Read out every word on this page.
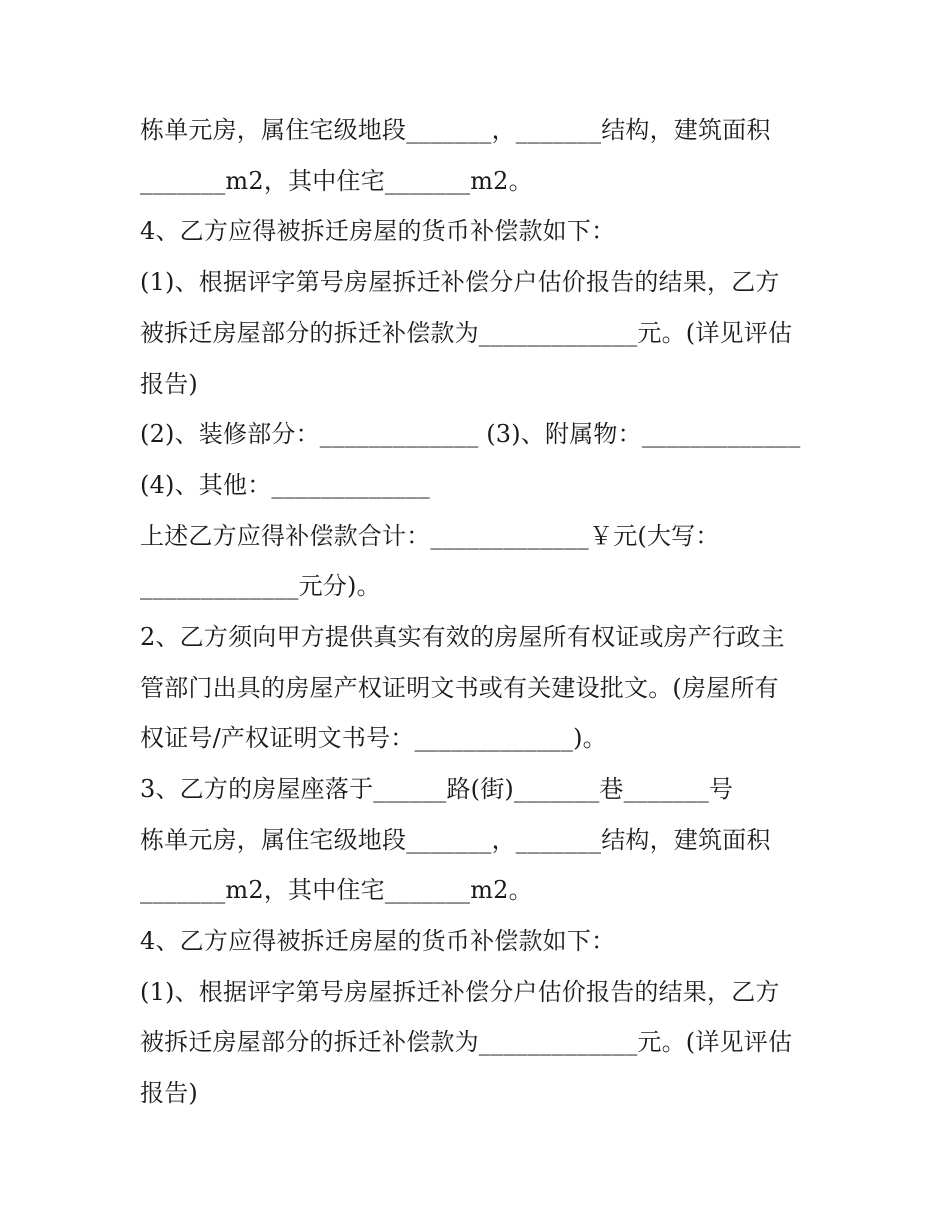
栋单元房，属住宅级地段_______，_______结构，建筑面积
_______m2，其中住宅_______m2。
4、乙方应得被拆迁房屋的货币补偿款如下：
(1)、根据评字第号房屋拆迁补偿分户估价报告的结果，乙方
被拆迁房屋部分的拆迁补偿款为_____________元。(详见评估
报告)
(2)、装修部分：_____________ (3)、附属物：_____________
(4)、其他：_____________
上述乙方应得补偿款合计：_____________￥元(大写：
_____________元分)。
2、乙方须向甲方提供真实有效的房屋所有权证或房产行政主
管部门出具的房屋产权证明文书或有关建设批文。(房屋所有
权证号/产权证明文书号：_____________)。
3、乙方的房屋座落于______路(街)_______巷_______号
栋单元房，属住宅级地段_______，_______结构，建筑面积
_______m2，其中住宅_______m2。
4、乙方应得被拆迁房屋的货币补偿款如下：
(1)、根据评字第号房屋拆迁补偿分户估价报告的结果，乙方
被拆迁房屋部分的拆迁补偿款为_____________元。(详见评估
报告)
